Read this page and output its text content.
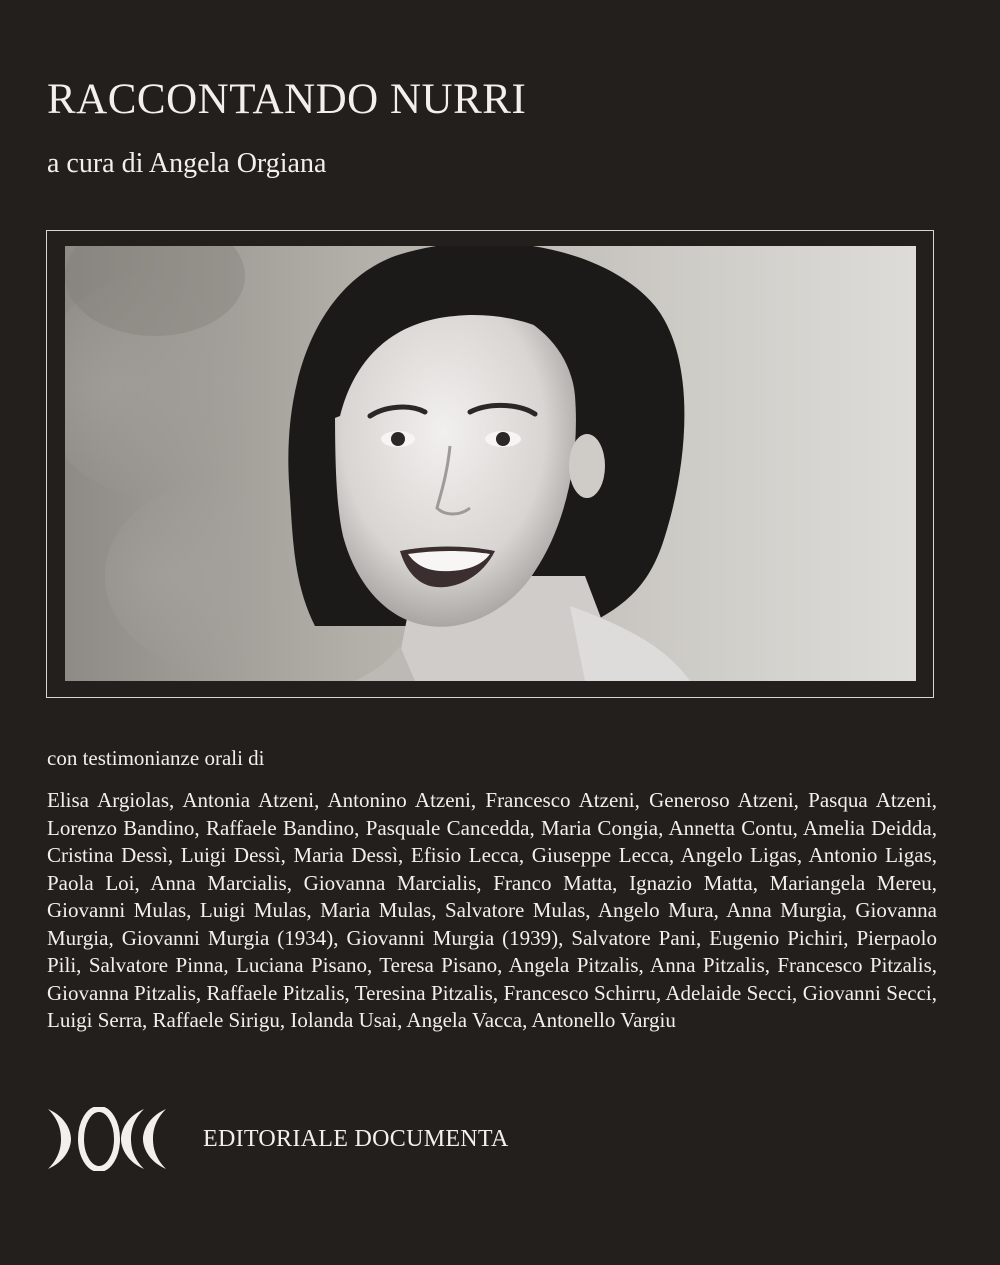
RACCONTANDO NURRI
a cura di Angela Orgiana
con testimonianze orali di
Elisa Argiolas, Antonia Atzeni, Antonino Atzeni, Francesco Atzeni, Generoso Atzeni, Pasqua Atzeni, Lorenzo Bandino, Raffaele Bandino, Pasquale Cancedda, Maria Congia, Annetta Contu, Amelia Deidda, Cristina Dessì, Luigi Dessì, Maria Dessì, Efisio Lecca, Giuseppe Lecca, Angelo Ligas, Antonio Ligas, Paola Loi, Anna Marcialis, Giovanna Marcialis, Franco Matta, Ignazio Matta, Mariangela Mereu, Giovanni Mulas, Luigi Mulas, Maria Mulas, Salvatore Mulas, Angelo Mura, Anna Murgia, Giovanna Murgia, Giovanni Murgia (1934), Giovanni Murgia (1939), Salvatore Pani, Eugenio Pichiri, Pierpaolo Pili, Salvatore Pinna, Luciana Pisano, Teresa Pisano, Angela Pitzalis, Anna Pitzalis, Francesco Pitzalis, Giovanna Pitzalis, Raffaele Pitzalis, Teresina Pitzalis, Francesco Schirru, Adelaide Secci, Giovanni Secci, Luigi Serra, Raffaele Sirigu, Iolanda Usai, Angela Vacca, Antonello Vargiu
EDITORIALE DOCUMENTA
